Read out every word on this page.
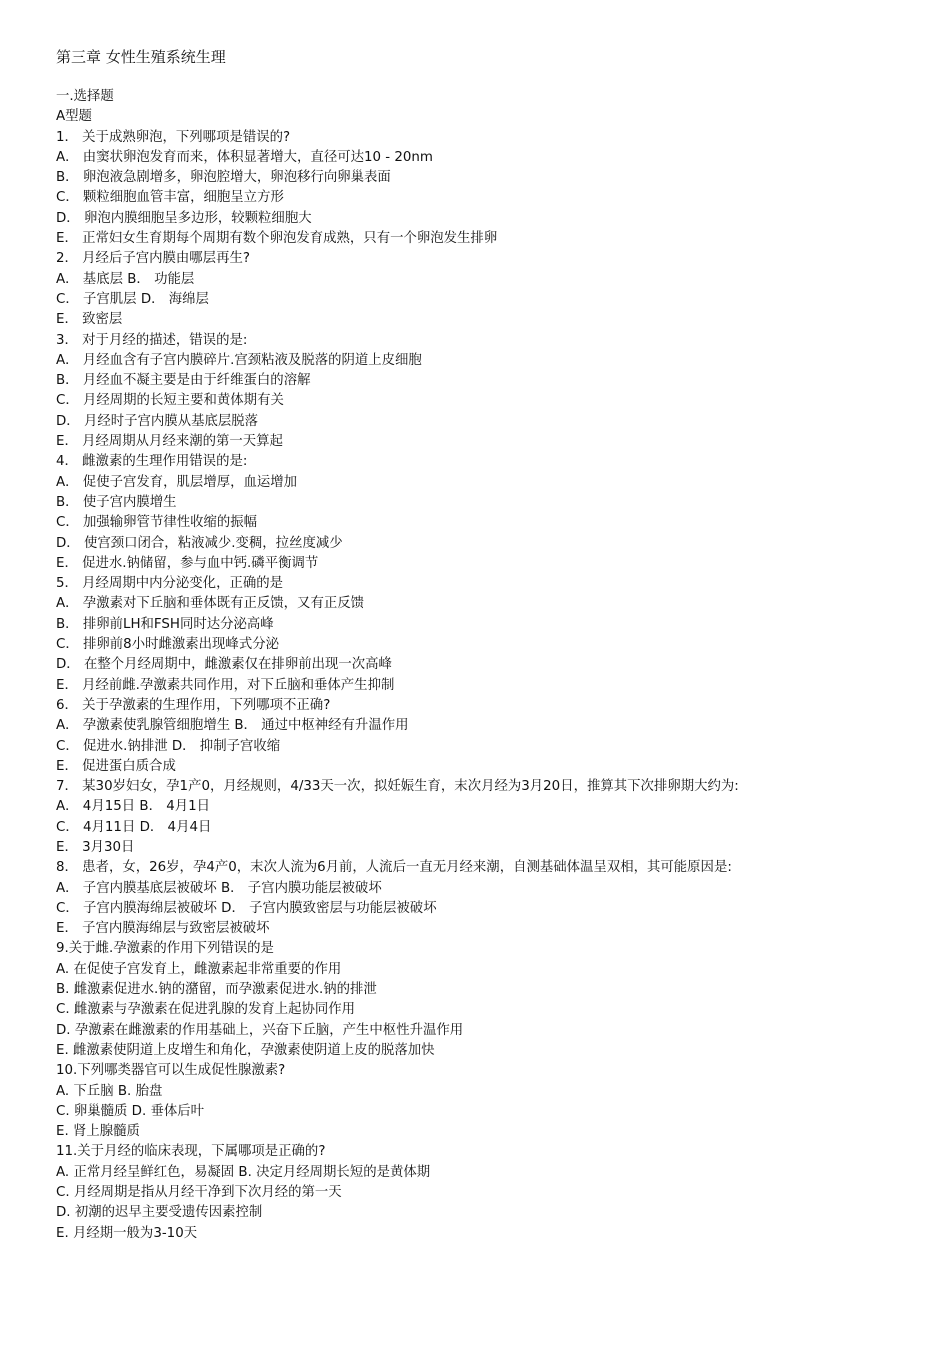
第三章 女性生殖系统生理
一.选择题
A型题
1． 关于成熟卵泡，下列哪项是错误的?
A． 由窦状卵泡发育而来，体积显著增大，直径可达10 - 20nm
B． 卵泡液急剧增多，卵泡腔增大，卵泡移行向卵巢表面
C． 颗粒细胞血管丰富，细胞呈立方形
D． 卵泡内膜细胞呈多边形，较颗粒细胞大
E． 正常妇女生育期每个周期有数个卵泡发育成熟，只有一个卵泡发生排卵
2． 月经后子宫内膜由哪层再生?
A． 基底层 B． 功能层
C． 子宫肌层 D． 海绵层
E． 致密层
3． 对于月经的描述，错误的是:
A． 月经血含有子宫内膜碎片.宫颈粘液及脱落的阴道上皮细胞
B． 月经血不凝主要是由于纤维蛋白的溶解
C． 月经周期的长短主要和黄体期有关
D． 月经时子宫内膜从基底层脱落
E． 月经周期从月经来潮的第一天算起
4． 雌激素的生理作用错误的是:
A． 促使子宫发育，肌层增厚，血运增加
B． 使子宫内膜增生
C． 加强输卵管节律性收缩的振幅
D． 使宫颈口闭合，粘液减少.变稠，拉丝度减少
E． 促进水.钠储留，参与血中钙.磷平衡调节
5． 月经周期中内分泌变化，正确的是
A． 孕激素对下丘脑和垂体既有正反馈，又有正反馈
B． 排卵前LH和FSH同时达分泌高峰
C． 排卵前8小时雌激素出现峰式分泌
D． 在整个月经周期中，雌激素仅在排卵前出现一次高峰
E． 月经前雌.孕激素共同作用，对下丘脑和垂体产生抑制
6． 关于孕激素的生理作用，下列哪项不正确?
A． 孕激素使乳腺管细胞增生 B． 通过中枢神经有升温作用
C． 促进水.钠排泄 D． 抑制子宫收缩
E． 促进蛋白质合成
7． 某30岁妇女，孕1产0，月经规则，4/33天一次，拟妊娠生育，末次月经为3月20日，推算其下次排卵期大约为:
A． 4月15日 B． 4月1日
C． 4月11日 D． 4月4日
E． 3月30日
8． 患者，女，26岁，孕4产0，末次人流为6月前，人流后一直无月经来潮，自测基础体温呈双相，其可能原因是:
A． 子宫内膜基底层被破坏 B． 子宫内膜功能层被破坏
C． 子宫内膜海绵层被破坏 D． 子宫内膜致密层与功能层被破坏
E． 子宫内膜海绵层与致密层被破坏
9.关于雌.孕激素的作用下列错误的是
A. 在促使子宫发育上，雌激素起非常重要的作用
B. 雌激素促进水.钠的潴留，而孕激素促进水.钠的排泄
C. 雌激素与孕激素在促进乳腺的发育上起协同作用
D. 孕激素在雌激素的作用基础上，兴奋下丘脑，产生中枢性升温作用
E. 雌激素使阴道上皮增生和角化，孕激素使阴道上皮的脱落加快
10.下列哪类器官可以生成促性腺激素?
A. 下丘脑 B. 胎盘
C. 卵巢髓质 D. 垂体后叶
E. 肾上腺髓质
11.关于月经的临床表现，下属哪项是正确的?
A. 正常月经呈鲜红色，易凝固 B. 决定月经周期长短的是黄体期
C. 月经周期是指从月经干净到下次月经的第一天
D. 初潮的迟早主要受遗传因素控制
E. 月经期一般为3-10天
